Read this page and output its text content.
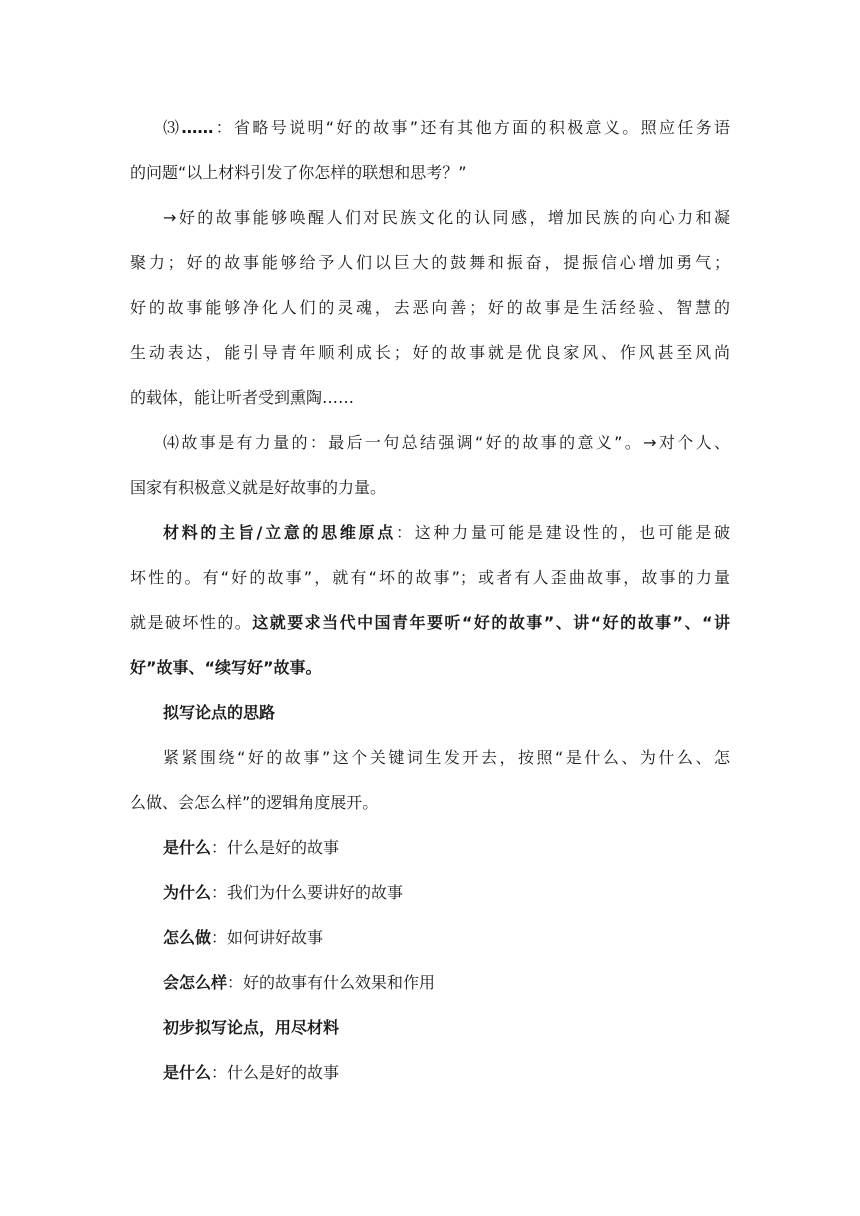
⑶……：省略号说明“好的故事”还有其他方面的积极意义。照应任务语
的问题“以上材料引发了你怎样的联想和思考？”
→好的故事能够唤醒人们对民族文化的认同感，增加民族的向心力和凝
聚力；好的故事能够给予人们以巨大的鼓舞和振奋，提振信心增加勇气；
好的故事能够净化人们的灵魂，去恶向善；好的故事是生活经验、智慧的
生动表达，能引导青年顺利成长；好的故事就是优良家风、作风甚至风尚
的载体，能让听者受到熏陶……
⑷故事是有力量的：最后一句总结强调“好的故事的意义”。→对个人、
国家有积极意义就是好故事的力量。
材料的主旨/立意的思维原点：这种力量可能是建设性的，也可能是破
坏性的。有“好的故事”，就有“坏的故事”；或者有人歪曲故事，故事的力量
就是破坏性的。这就要求当代中国青年要听“好的故事”、讲“好的故事”、“讲
好”故事、“续写好”故事。
拟写论点的思路
紧紧围绕“好的故事”这个关键词生发开去，按照“是什么、为什么、怎
么做、会怎么样”的逻辑角度展开。
是什么：什么是好的故事
为什么：我们为什么要讲好的故事
怎么做：如何讲好故事
会怎么样：好的故事有什么效果和作用
初步拟写论点，用尽材料
是什么：什么是好的故事
